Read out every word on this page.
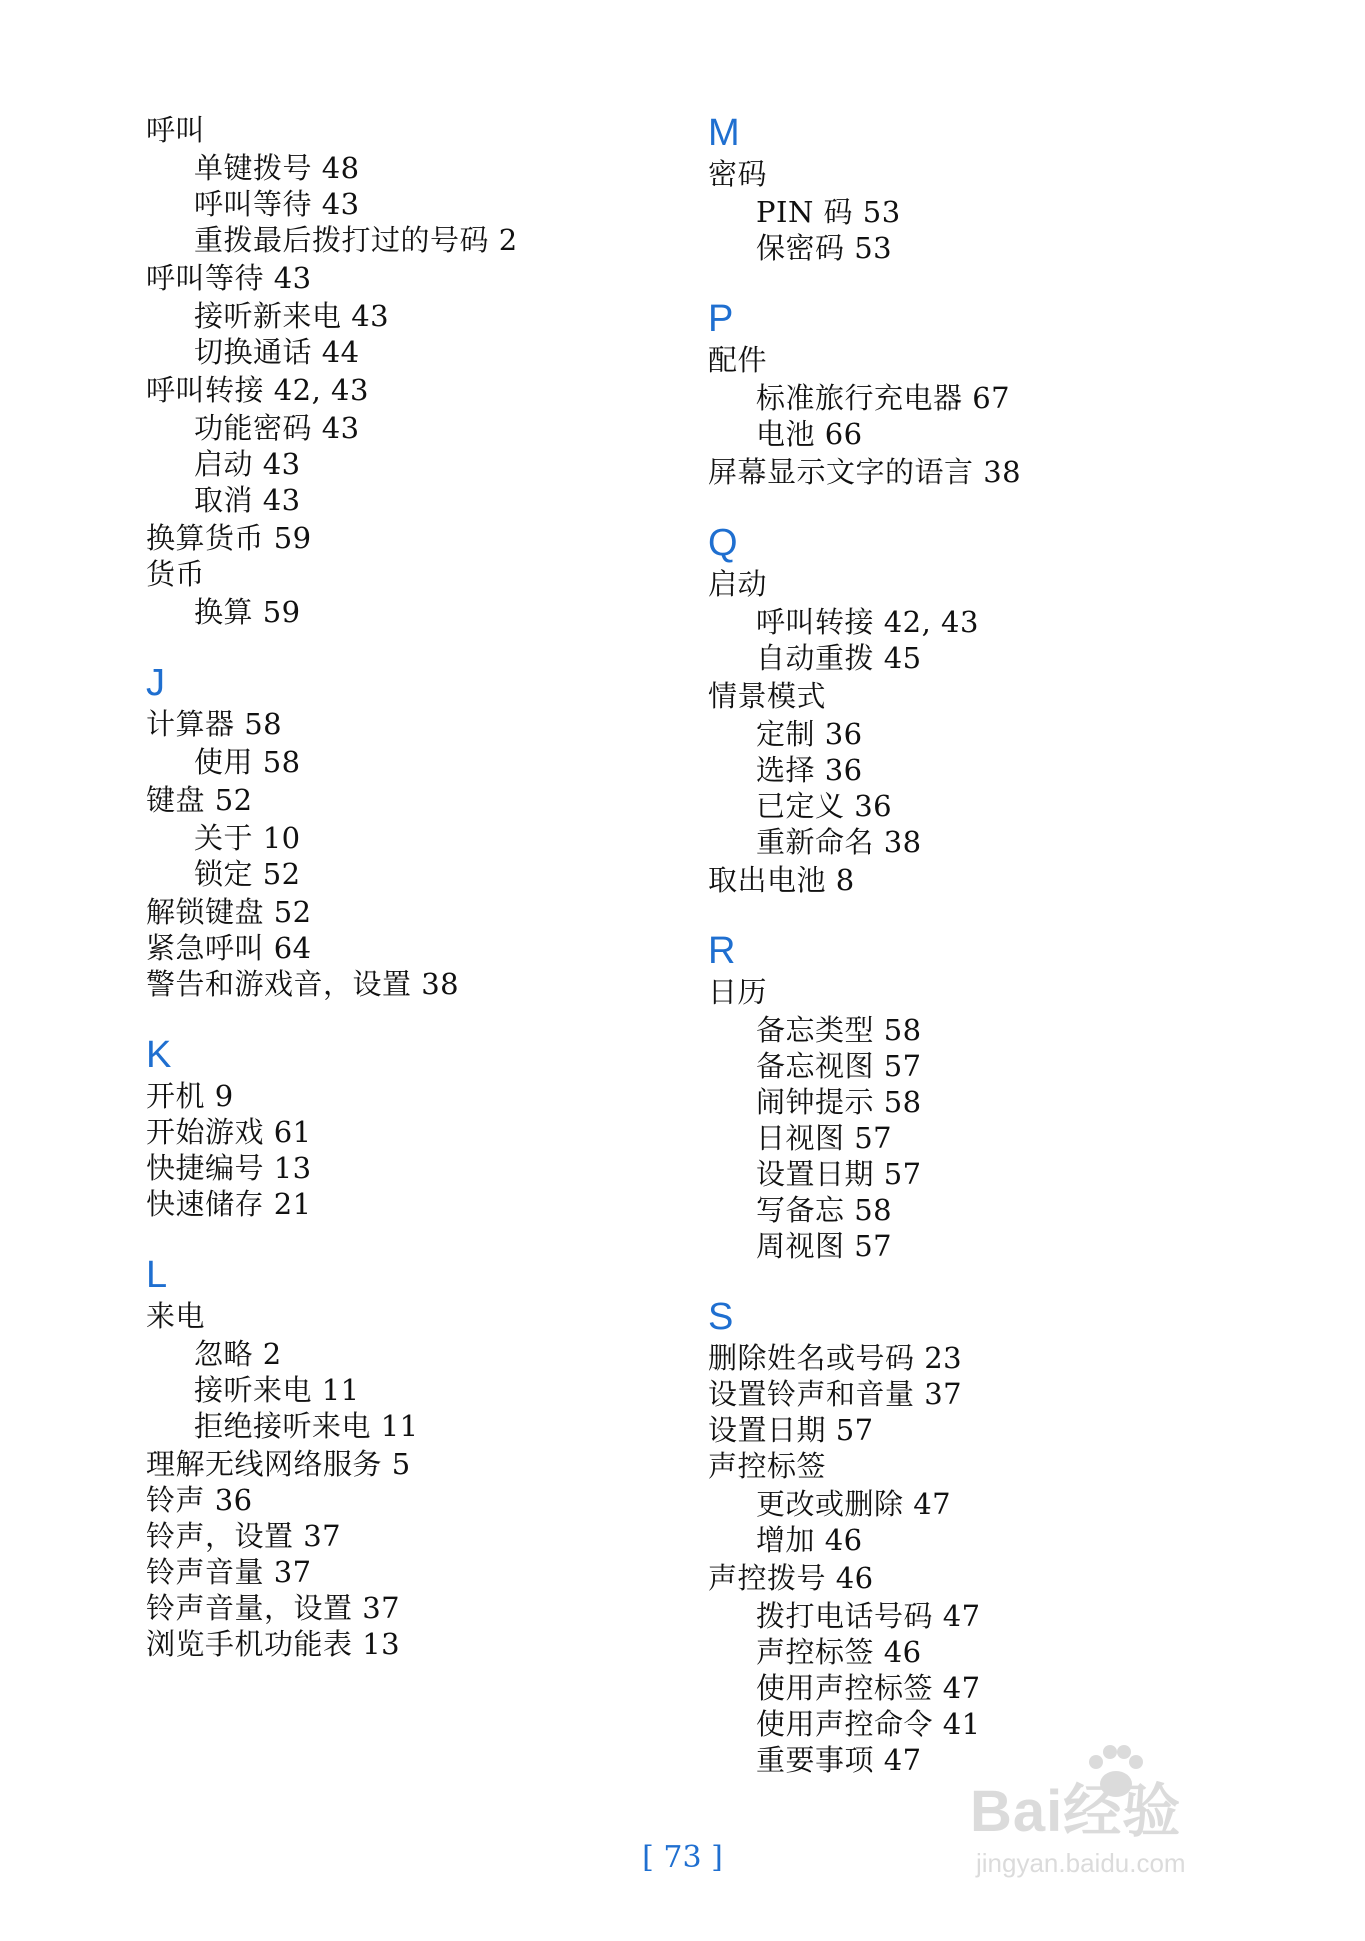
呼叫
单键拨号 48
呼叫等待 43
重拨最后拨打过的号码 2
呼叫等待 43
接听新来电 43
切换通话 44
呼叫转接 42, 43
功能密码 43
启动 43
取消 43
换算货币 59
货币
换算 59
J
计算器 58
使用 58
键盘 52
关于 10
锁定 52
解锁键盘 52
紧急呼叫 64
警告和游戏音，设置 38
K
开机 9
开始游戏 61
快捷编号 13
快速储存 21
L
来电
忽略 2
接听来电 11
拒绝接听来电 11
理解无线网络服务 5
铃声 36
铃声，设置 37
铃声音量 37
铃声音量，设置 37
浏览手机功能表 13
M
密码
PIN 码 53
保密码 53
P
配件
标准旅行充电器 67
电池 66
屏幕显示文字的语言 38
Q
启动
呼叫转接 42, 43
自动重拨 45
情景模式
定制 36
选择 36
已定义 36
重新命名 38
取出电池 8
R
日历
备忘类型 58
备忘视图 57
闹钟提示 58
日视图 57
设置日期 57
写备忘 58
周视图 57
S
删除姓名或号码 23
设置铃声和音量 37
设置日期 57
声控标签
更改或删除 47
增加 46
声控拨号 46
拨打电话号码 47
声控标签 46
使用声控标签 47
使用声控命令 41
重要事项 47
[ 73 ]
Bai经验
jingyan.baidu.com
